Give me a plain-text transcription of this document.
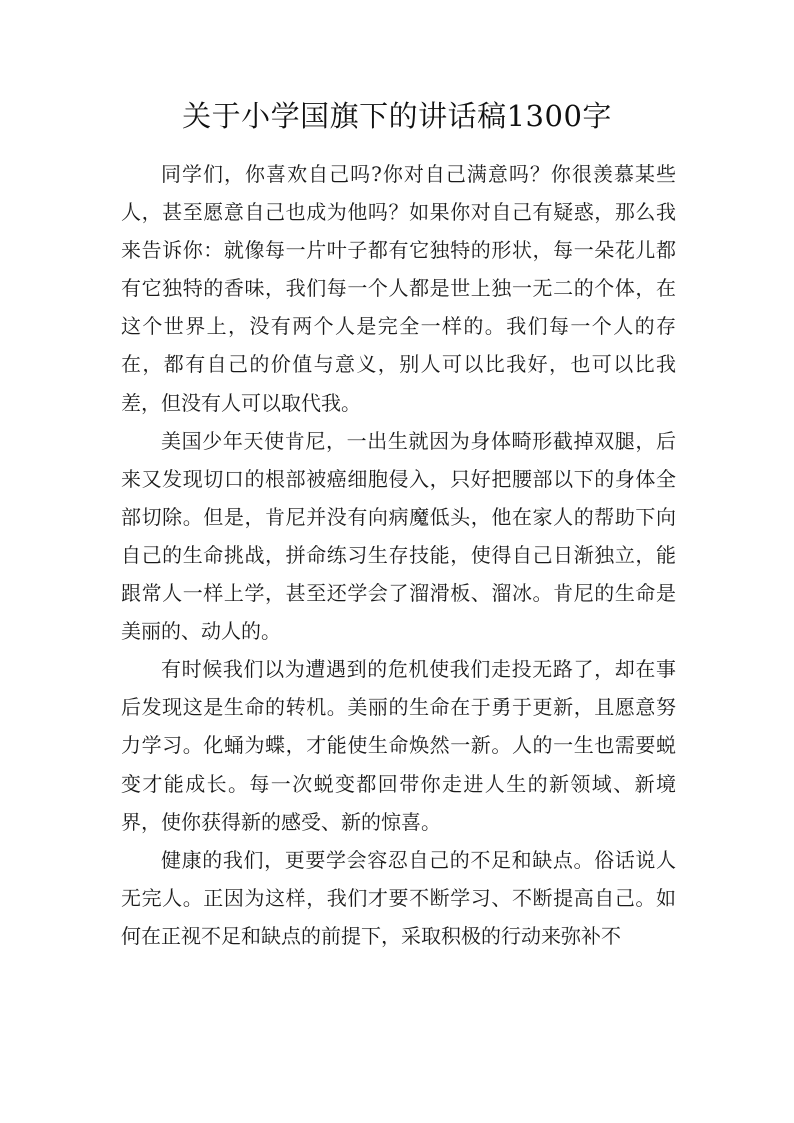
关于小学国旗下的讲话稿1300字

同学们，你喜欢自己吗?你对自己满意吗？你很羡慕某些人，甚至愿意自己也成为他吗？如果你对自己有疑惑，那么我来告诉你：就像每一片叶子都有它独特的形状，每一朵花儿都有它独特的香味，我们每一个人都是世上独一无二的个体，在这个世界上，没有两个人是完全一样的。我们每一个人的存在，都有自己的价值与意义，别人可以比我好，也可以比我差，但没有人可以取代我。

美国少年天使肯尼，一出生就因为身体畸形截掉双腿，后来又发现切口的根部被癌细胞侵入，只好把腰部以下的身体全部切除。但是，肯尼并没有向病魔低头，他在家人的帮助下向自己的生命挑战，拼命练习生存技能，使得自己日渐独立，能跟常人一样上学，甚至还学会了溜滑板、溜冰。肯尼的生命是美丽的、动人的。

有时候我们以为遭遇到的危机使我们走投无路了，却在事后发现这是生命的转机。美丽的生命在于勇于更新，且愿意努力学习。化蛹为蝶，才能使生命焕然一新。人的一生也需要蜕变才能成长。每一次蜕变都回带你走进人生的新领域、新境界，使你获得新的感受、新的惊喜。

健康的我们，更要学会容忍自己的不足和缺点。俗话说人无完人。正因为这样，我们才要不断学习、不断提高自己。如何在正视不足和缺点的前提下，采取积极的行动来弥补不
